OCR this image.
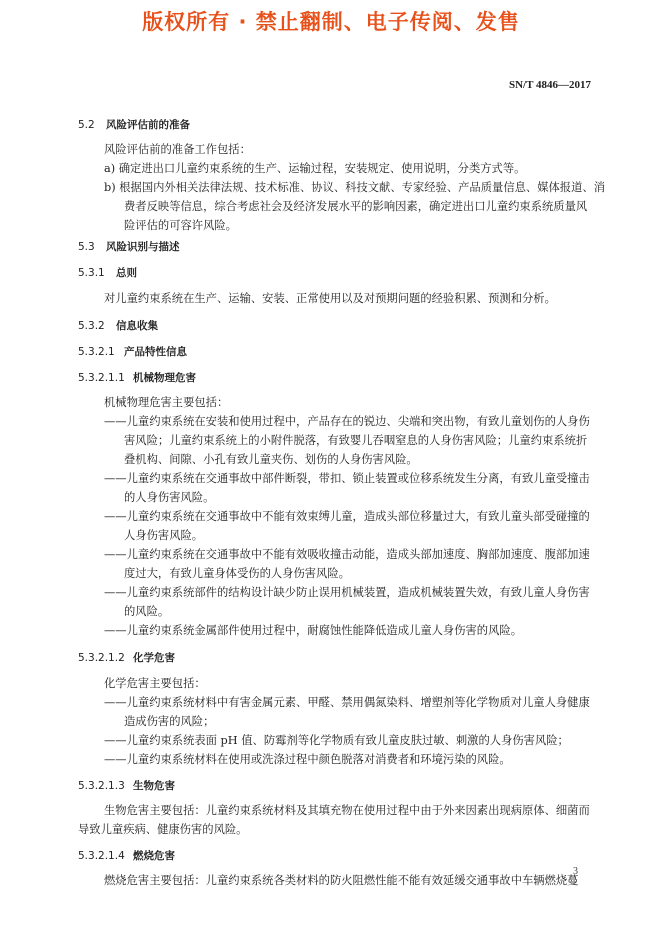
版权所有 · 禁止翻制、电子传阅、发售
SN/T 4846—2017
5.2 风险评估前的准备
风险评估前的准备工作包括：
a) 确定进出口儿童约束系统的生产、运输过程，安装规定、使用说明，分类方式等。
b) 根据国内外相关法律法规、技术标准、协议、科技文献、专家经验、产品质量信息、媒体报道、消
费者反映等信息，综合考虑社会及经济发展水平的影响因素，确定进出口儿童约束系统质量风
险评估的可容许风险。
5.3 风险识别与描述
5.3.1 总则
对儿童约束系统在生产、运输、安装、正常使用以及对预期问题的经验积累、预测和分析。
5.3.2 信息收集
5.3.2.1 产品特性信息
5.3.2.1.1 机械物理危害
机械物理危害主要包括：
——儿童约束系统在安装和使用过程中，产品存在的锐边、尖端和突出物，有致儿童划伤的人身伤
害风险；儿童约束系统上的小附件脱落，有致婴儿吞咽窒息的人身伤害风险；儿童约束系统折
叠机构、间隙、小孔有致儿童夹伤、划伤的人身伤害风险。
——儿童约束系统在交通事故中部件断裂，带扣、锁止装置或位移系统发生分离，有致儿童受撞击
的人身伤害风险。
——儿童约束系统在交通事故中不能有效束缚儿童，造成头部位移量过大，有致儿童头部受碰撞的
人身伤害风险。
——儿童约束系统在交通事故中不能有效吸收撞击动能，造成头部加速度、胸部加速度、腹部加速
度过大，有致儿童身体受伤的人身伤害风险。
——儿童约束系统部件的结构设计缺少防止误用机械装置，造成机械装置失效，有致儿童人身伤害
的风险。
——儿童约束系统金属部件使用过程中，耐腐蚀性能降低造成儿童人身伤害的风险。
5.3.2.1.2 化学危害
化学危害主要包括：
——儿童约束系统材料中有害金属元素、甲醛、禁用偶氮染料、增塑剂等化学物质对儿童人身健康
造成伤害的风险；
——儿童约束系统表面 pH 值、防霉剂等化学物质有致儿童皮肤过敏、刺激的人身伤害风险；
——儿童约束系统材料在使用或洗涤过程中颜色脱落对消费者和环境污染的风险。
5.3.2.1.3 生物危害
生物危害主要包括：儿童约束系统材料及其填充物在使用过程中由于外来因素出现病原体、细菌而
导致儿童疾病、健康伤害的风险。
5.3.2.1.4 燃烧危害
燃烧危害主要包括：儿童约束系统各类材料的防火阻燃性能不能有效延缓交通事故中车辆燃烧蔓
3
